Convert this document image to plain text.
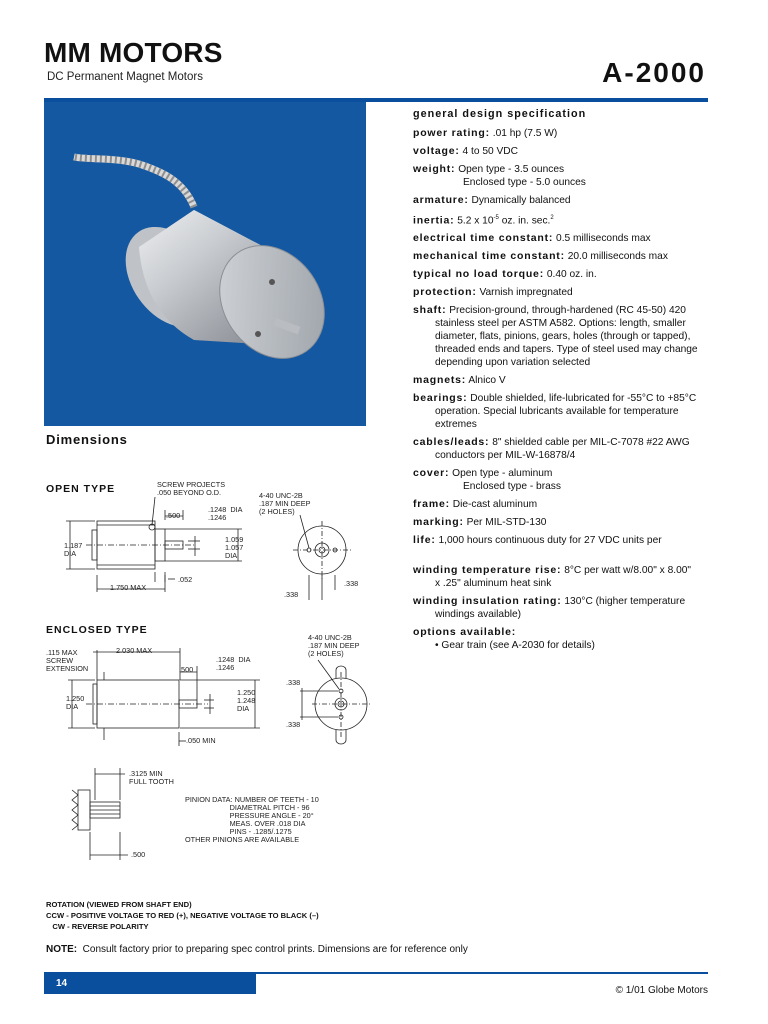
MM MOTORS
DC Permanent Magnet Motors	A-2000
general design specification
power rating: .01 hp (7.5 W)
voltage: 4 to 50 VDC
weight: Open type - 3.5 ounces
Enclosed type - 5.0 ounces
armature: Dynamically balanced
inertia: 5.2 x $10^{-5}$ oz. in. sec.$^2$
electrical time constant: 0.5 milliseconds max
mechanical time constant: 20.0 milliseconds max
typical no load torque: 0.40 oz. in.
protection: Varnish impregnated
shaft: Precision-ground, through-hardened (RC 45-50) 420
stainless steel per ASTM A582. Options: length, smaller diameter, flats, pinions, gears, holes (through or tapped), threaded ends and tapers. Type of steel used may change depending upon variation selected
magnets: Alnico V
bearings: Double shielded, life-lubricated for -55°C to +85°C
operation. Special lubricants available for temperature extremes
cables/leads: 8" shielded cable per MIL-C-7078 #22 AWG
conductors per MIL-W-16878/4
cover: Open type - aluminum
Enclosed type - brass
frame: Die-cast aluminum
marking: Per MIL-STD-130
life: 1,000 hours continuous duty for 27 VDC units per
winding temperature rise: 8°C per watt w/8.00" x 8.00"
x .25" aluminum heat sink
winding insulation rating: 130°C (higher temperature
windings available)
options available:
• Gear train (see A-2030 for details)
Dimensions
OPEN TYPE	SCREW PROJECTS
.050 BEYOND O.D.
.500
.1248  DIA
.1246
1.187
DIA
1.059
1.057
DIA
1.750 MAX
.052
4-40 UNC-2B
.187 MIN DEEP
(2 HOLES)
.338
.338
ENCLOSED TYPE
.115 MAX
SCREW
EXTENSION
2.030 MAX
.500
.1248  DIA
.1246
1.250
DIA
1.250
1.248
DIA
.050 MIN
4-40 UNC-2B
.187 MIN DEEP
(2 HOLES)
.338
.338
.3125 MIN
FULL TOOTH
.500
PINION DATA: NUMBER OF TEETH - 10
DIAMETRAL PITCH - 96
PRESSURE ANGLE - 20°
MEAS. OVER .018 DIA
PINS - .1285/.1275
OTHER PINIONS ARE AVAILABLE
ROTATION (VIEWED FROM SHAFT END)
CCW - POSITIVE VOLTAGE TO RED (+), NEGATIVE VOLTAGE TO BLACK (–)
CW - REVERSE POLARITY
NOTE:  Consult factory prior to preparing spec control prints. Dimensions are for reference only
14
© 1/01 Globe Motors
